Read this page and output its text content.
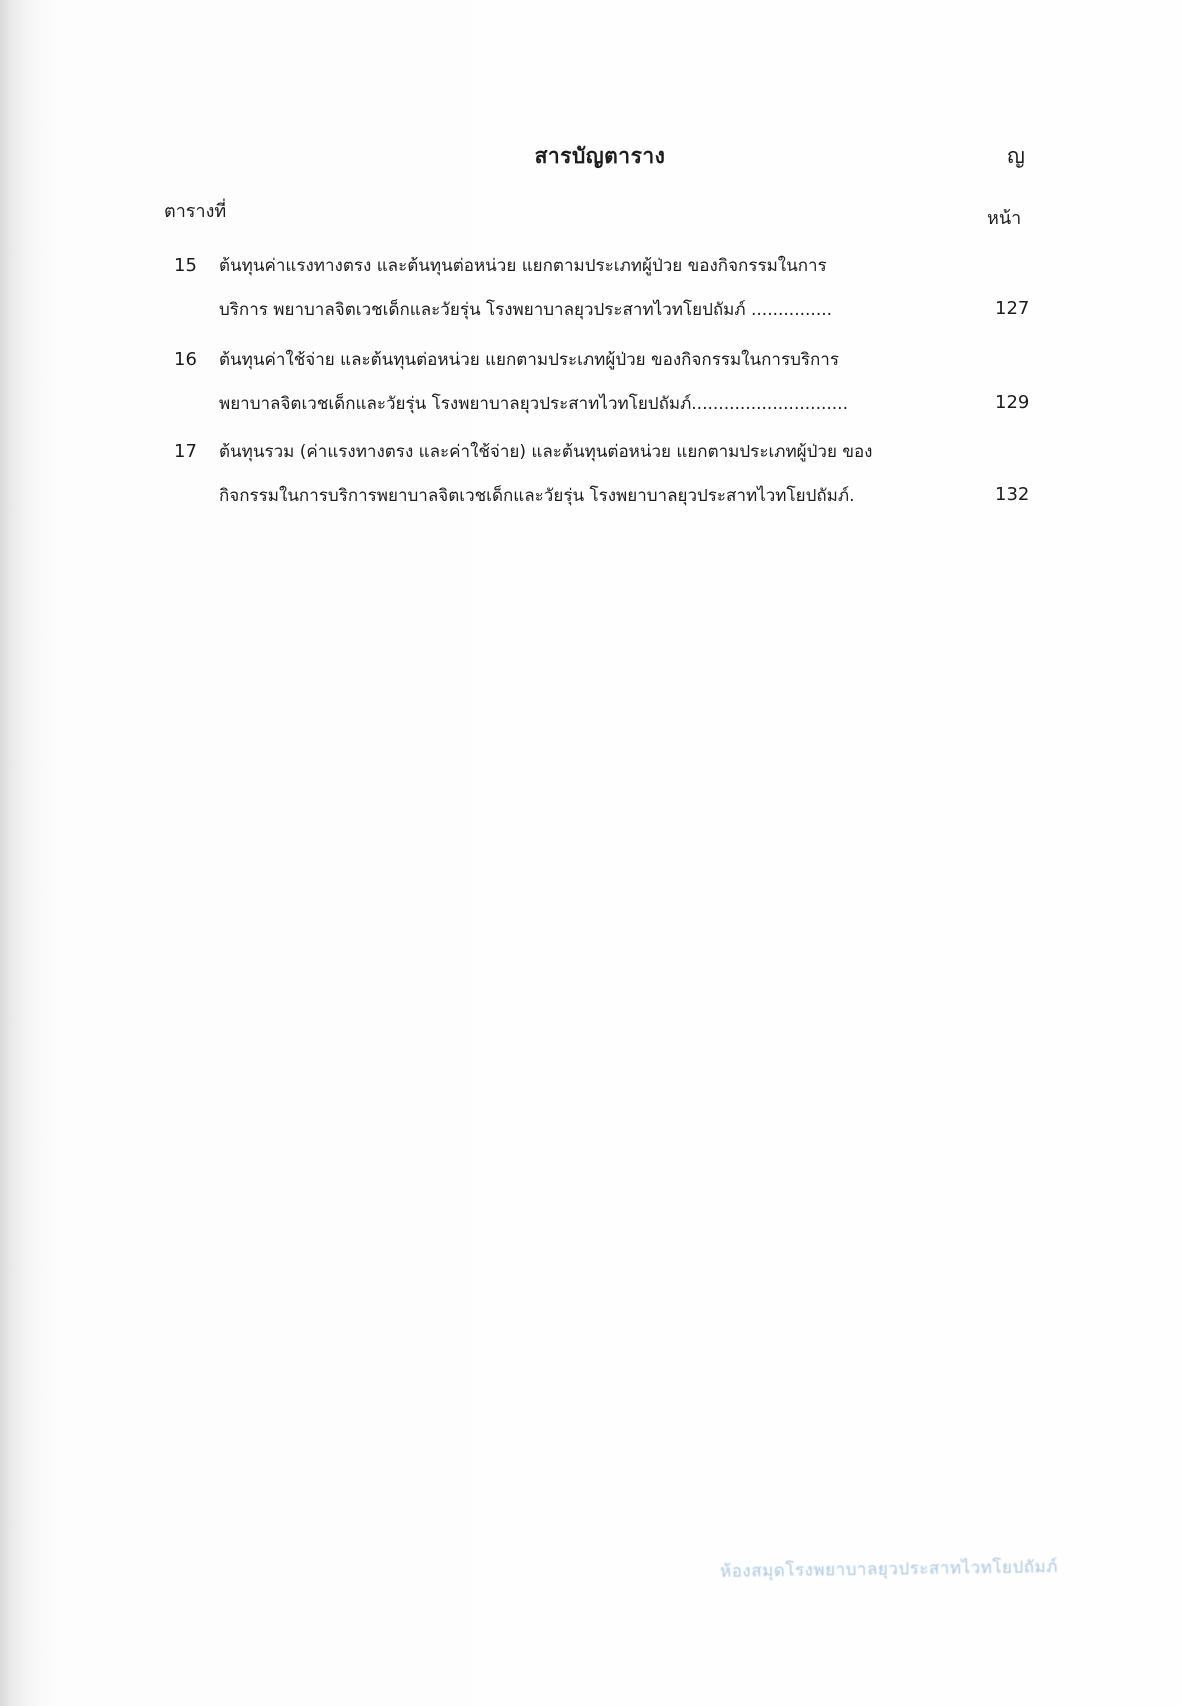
สารบัญตาราง	ญ
ตารางที่	หน้า
15 ต้นทุนค่าแรงทางตรง และต้นทุนต่อหน่วย แยกตามประเภทผู้ป่วย ของกิจกรรมในการ
บริการ พยาบาลจิตเวชเด็กและวัยรุ่น โรงพยาบาลยุวประสาทไวทโยปถัมภ์ ...............	127
16 ต้นทุนค่าใช้จ่าย และต้นทุนต่อหน่วย แยกตามประเภทผู้ป่วย ของกิจกรรมในการบริการ
พยาบาลจิตเวชเด็กและวัยรุ่น โรงพยาบาลยุวประสาทไวทโยปถัมภ์.............................	129
17 ต้นทุนรวม (ค่าแรงทางตรง และค่าใช้จ่าย) และต้นทุนต่อหน่วย แยกตามประเภทผู้ป่วย ของ
กิจกรรมในการบริการพยาบาลจิตเวชเด็กและวัยรุ่น โรงพยาบาลยุวประสาทไวทโยปถัมภ์.	132
ห้องสมุดโรงพยาบาลยุวประสาทไวทโยปถัมภ์
